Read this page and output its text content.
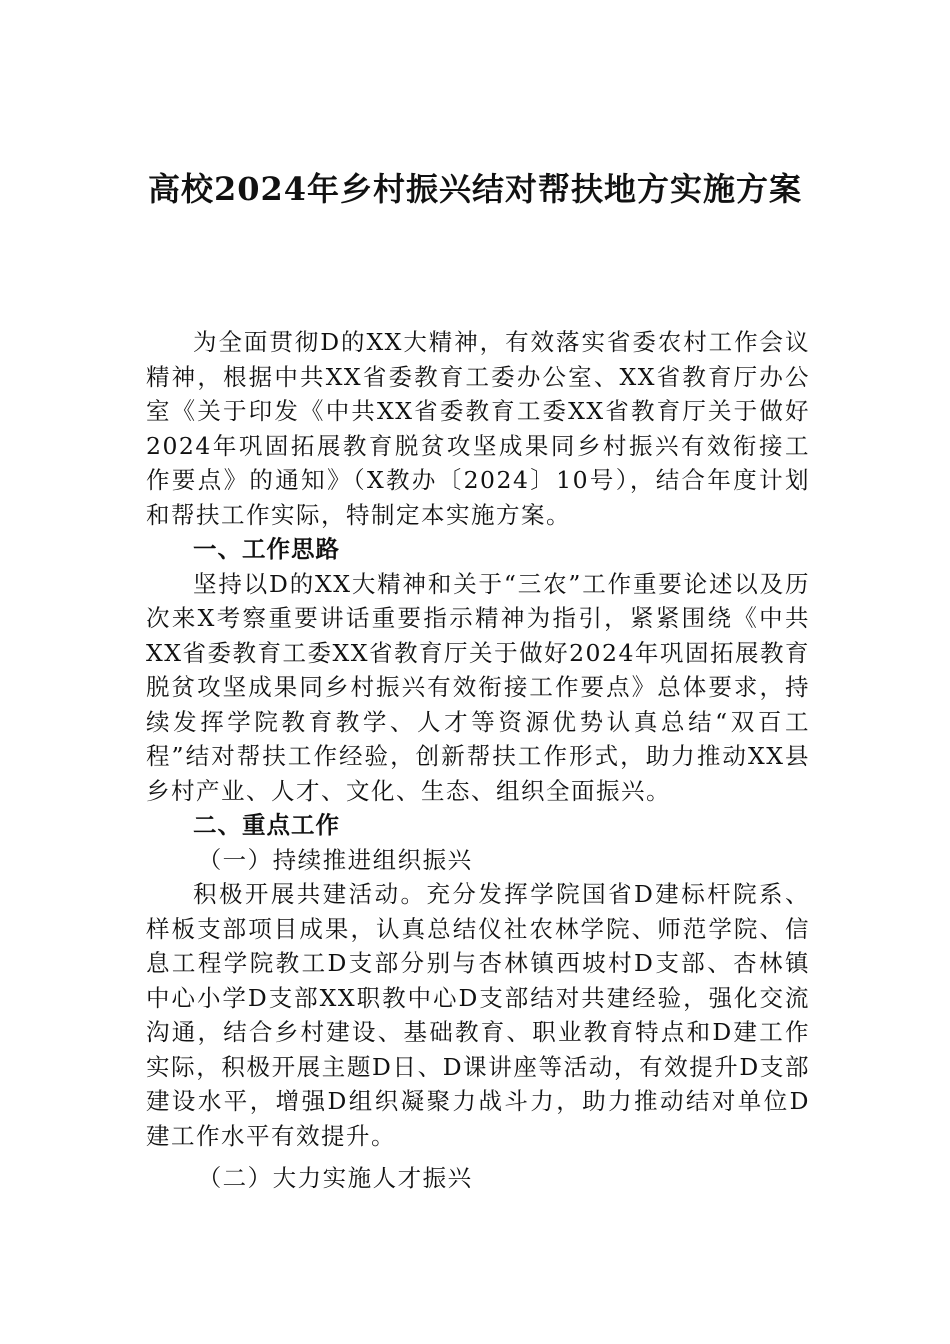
高校2024年乡村振兴结对帮扶地方实施方案

为全面贯彻D的XX大精神，有效落实省委农村工作会议精神，根据中共XX省委教育工委办公室、XX省教育厅办公室《关于印发《中共XX省委教育工委XX省教育厅关于做好2024年巩固拓展教育脱贫攻坚成果同乡村振兴有效衔接工作要点》的通知》（X教办〔2024〕10号），结合年度计划和帮扶工作实际，特制定本实施方案。

一、工作思路

坚持以D的XX大精神和关于“三农”工作重要论述以及历次来X考察重要讲话重要指示精神为指引，紧紧围绕《中共XX省委教育工委XX省教育厅关于做好2024年巩固拓展教育脱贫攻坚成果同乡村振兴有效衔接工作要点》总体要求，持续发挥学院教育教学、人才等资源优势认真总结“双百工程”结对帮扶工作经验，创新帮扶工作形式，助力推动XX县乡村产业、人才、文化、生态、组织全面振兴。

二、重点工作
（一）持续推进组织振兴

积极开展共建活动。充分发挥学院国省D建标杆院系、样板支部项目成果，认真总结仪社农林学院、师范学院、信息工程学院教工D支部分别与杏林镇西坡村D支部、杏林镇中心小学D支部XX职教中心D支部结对共建经验，强化交流沟通，结合乡村建设、基础教育、职业教育特点和D建工作实际，积极开展主题D日、D课讲座等活动，有效提升D支部建设水平，增强D组织凝聚力战斗力，助力推动结对单位D建工作水平有效提升。

（二）大力实施人才振兴
